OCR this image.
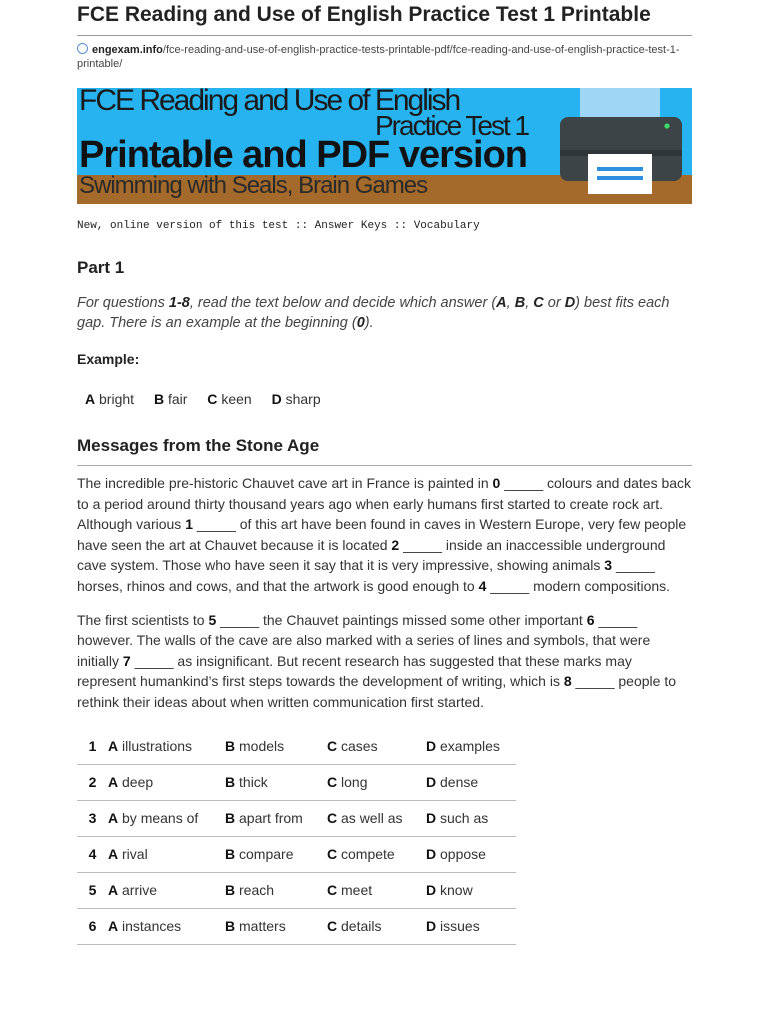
FCE Reading and Use of English Practice Test 1 Printable
engexam.info/fce-reading-and-use-of-english-practice-tests-printable-pdf/fce-reading-and-use-of-english-practice-test-1-printable/
FCE Reading and Use of English
Practice Test 1
Printable and PDF version
Swimming with Seals, Brain Games
New, online version of this test :: Answer Keys :: Vocabulary
Part 1
For questions 1-8, read the text below and decide which answer (A, B, C or D) best fits each gap. There is an example at the beginning (0).
Example:
A bright B fair C keen D sharp
Messages from the Stone Age

The incredible pre-historic Chauvet cave art in France is painted in 0 _____ colours and dates back to a period around thirty thousand years ago when early humans first started to create rock art. Although various 1 _____ of this art have been found in caves in Western Europe, very few people have seen the art at Chauvet because it is located 2 _____ inside an inaccessible underground cave system. Those who have seen it say that it is very impressive, showing animals 3 _____ horses, rhinos and cows, and that the artwork is good enough to 4 _____ modern compositions.

The first scientists to 5 _____ the Chauvet paintings missed some other important 6 _____ however. The walls of the cave are also marked with a series of lines and symbols, that were initially 7 _____ as insignificant. But recent research has suggested that these marks may represent humankind’s first steps towards the development of writing, which is 8 _____ people to rethink their ideas about when written communication first started.

1	A illustrations	B models	C cases	D examples
2	A deep	B thick	C long	D dense
3	A by means of	B apart from	C as well as	D such as
4	A rival	B compare	C compete	D oppose
5	A arrive	B reach	C meet	D know
6	A instances	B matters	C details	D issues
